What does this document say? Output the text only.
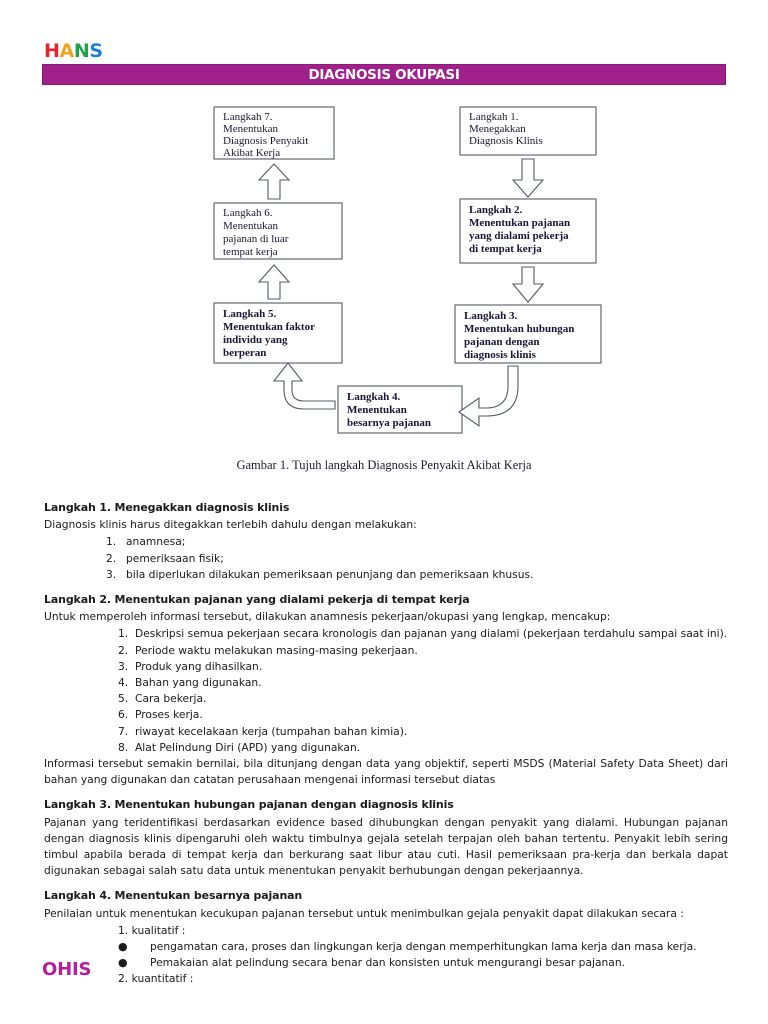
HANS
DIAGNOSIS OKUPASI
Langkah 7.
Menentukan
Diagnosis Penyakit
Akibat Kerja
Langkah 1.
Menegakkan
Diagnosis Klinis
Langkah 6.
Menentukan
pajanan di luar
tempat kerja
Langkah 2.
Menentukan pajanan
yang dialami pekerja
di tempat kerja
Langkah 5.
Menentukan faktor
individu yang
berperan
Langkah 3.
Menentukan hubungan
pajanan dengan
diagnosis klinis
Langkah 4.
Menentukan
besarnya pajanan
Gambar 1. Tujuh langkah Diagnosis Penyakit Akibat Kerja
Langkah 1. Menegakkan diagnosis klinis
Diagnosis klinis harus ditegakkan terlebih dahulu dengan melakukan:
1. anamnesa;
2. pemeriksaan fisik;
3. bila diperlukan dilakukan pemeriksaan penunjang dan pemeriksaan khusus.
Langkah 2. Menentukan pajanan yang dialami pekerja di tempat kerja
Untuk memperoleh informasi tersebut, dilakukan anamnesis pekerjaan/okupasi yang lengkap, mencakup:
1. Deskripsi semua pekerjaan secara kronologis dan pajanan yang dialami (pekerjaan terdahulu sampai saat ini).
2. Periode waktu melakukan masing-masing pekerjaan.
3. Produk yang dihasilkan.
4. Bahan yang digunakan.
5. Cara bekerja.
6. Proses kerja.
7. riwayat kecelakaan kerja (tumpahan bahan kimia).
8. Alat Pelindung Diri (APD) yang digunakan.
Informasi tersebut semakin bernilai, bila ditunjang dengan data yang objektif, seperti MSDS (Material Safety Data Sheet) dari bahan yang digunakan dan catatan perusahaan mengenai informasi tersebut diatas
Langkah 3. Menentukan hubungan pajanan dengan diagnosis klinis
Pajanan yang teridentifikasi berdasarkan evidence based dihubungkan dengan penyakit yang dialami. Hubungan pajanan dengan diagnosis klinis dipengaruhi oleh waktu timbulnya gejala setelah terpajan oleh bahan tertentu. Penyakit lebih sering timbul apabila berada di tempat kerja dan berkurang saat libur atau cuti. Hasil pemeriksaan pra-kerja dan berkala dapat digunakan sebagai salah satu data untuk menentukan penyakit berhubungan dengan pekerjaannya.
Langkah 4. Menentukan besarnya pajanan
Penilaian untuk menentukan kecukupan pajanan tersebut untuk menimbulkan gejala penyakit dapat dilakukan secara :
1. kualitatif :
●	pengamatan cara, proses dan lingkungan kerja dengan memperhitungkan lama kerja dan masa kerja.
●	Pemakaian alat pelindung secara benar dan konsisten untuk mengurangi besar pajanan.
2. kuantitatif :
OHIS
